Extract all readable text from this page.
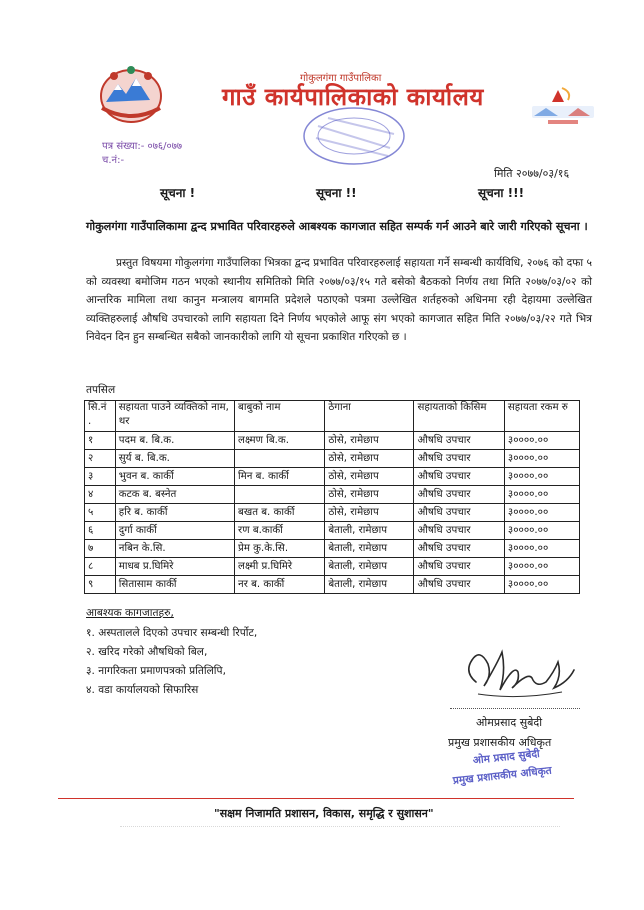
गोकुलगंगा गाउँपालिका
गाउँ कार्यपालिकाको कार्यालय
पत्र संख्या:- ०७६/०७७
च.नं:-
मिति २०७७/०३/१६
सूचना !	सूचना !!	सूचना !!!
गोकुलगंगा गाउँपालिकामा द्वन्द प्रभावित परिवारहरुले आबश्यक कागजात सहित सम्पर्क गर्न आउने बारे जारी गरिएको सूचना ।
प्रस्तुत विषयमा गोकुलगंगा गाउँपालिका भित्रका द्वन्द प्रभावित परिवारहरुलाई सहायता गर्ने सम्बन्धी कार्यविधि, २०७६ को दफा ५ को व्यवस्था बमोजिम गठन भएको स्थानीय समितिको मिति २०७७/०३/१५ गते बसेको बैठकको निर्णय तथा मिति २०७७/०३/०२ को आन्तरिक मामिला तथा कानुन मन्त्रालय बागमति प्रदेशले पठाएको पत्रमा उल्लेखित शर्तहरुको अधिनमा रही देहायमा उल्लेखित व्यक्तिहरुलाई औषधि उपचारको लागि सहायता दिने निर्णय भएकोले आफू संग भएको कागजात सहित मिति २०७७/०३/२२ गते भित्र निवेदन दिन हुन सम्बन्धित सबैको जानकारीको लागि यो सूचना प्रकाशित गरिएको छ ।
तपसिल
सि.नं .	सहायता पाउने व्यक्तिको नाम, थर	बाबुको नाम	ठेगाना	सहायताको किसिम	सहायता रकम रु
१	पदम ब. बि.क.	लक्ष्मण बि.क.	ठोसे, रामेछाप	औषधि उपचार	३००००.००
२	सुर्य ब. बि.क.		ठोसे, रामेछाप	औषधि उपचार	३००००.००
३	भुवन ब. कार्की	मिन ब. कार्की	ठोसे, रामेछाप	औषधि उपचार	३००००.००
४	कटक ब. बस्नेत		ठोसे, रामेछाप	औषधि उपचार	३००००.००
५	हरि ब. कार्की	बखत ब. कार्की	ठोसे, रामेछाप	औषधि उपचार	३००००.००
६	दुर्गा कार्की	रण ब.कार्की	बेताली, रामेछाप	औषधि उपचार	३००००.००
७	नबिन के.सि.	प्रेम कु.के.सि.	बेताली, रामेछाप	औषधि उपचार	३००००.००
८	माधब प्र.घिमिरे	लक्ष्मी प्र.घिमिरे	बेताली, रामेछाप	औषधि उपचार	३००००.००
९	सितासाम कार्की	नर ब. कार्की	बेताली, रामेछाप	औषधि उपचार	३००००.००
आबश्यक कागजातहरु,
१. अस्पतालले दिएको उपचार सम्बन्धी रिर्पोट,
२. खरिद गरेको औषधिको बिल,
३. नागरिकता प्रमाणपत्रको प्रतिलिपि,
४. वडा कार्यालयको सिफारिस
ओमप्रसाद सुबेदी
प्रमुख प्रशासकीय अधिकृत
ओम प्रसाद सुबेदी
प्रमुख प्रशासकीय अधिकृत
"सक्षम निजामति प्रशासन, विकास, समृद्धि र सुशासन"
